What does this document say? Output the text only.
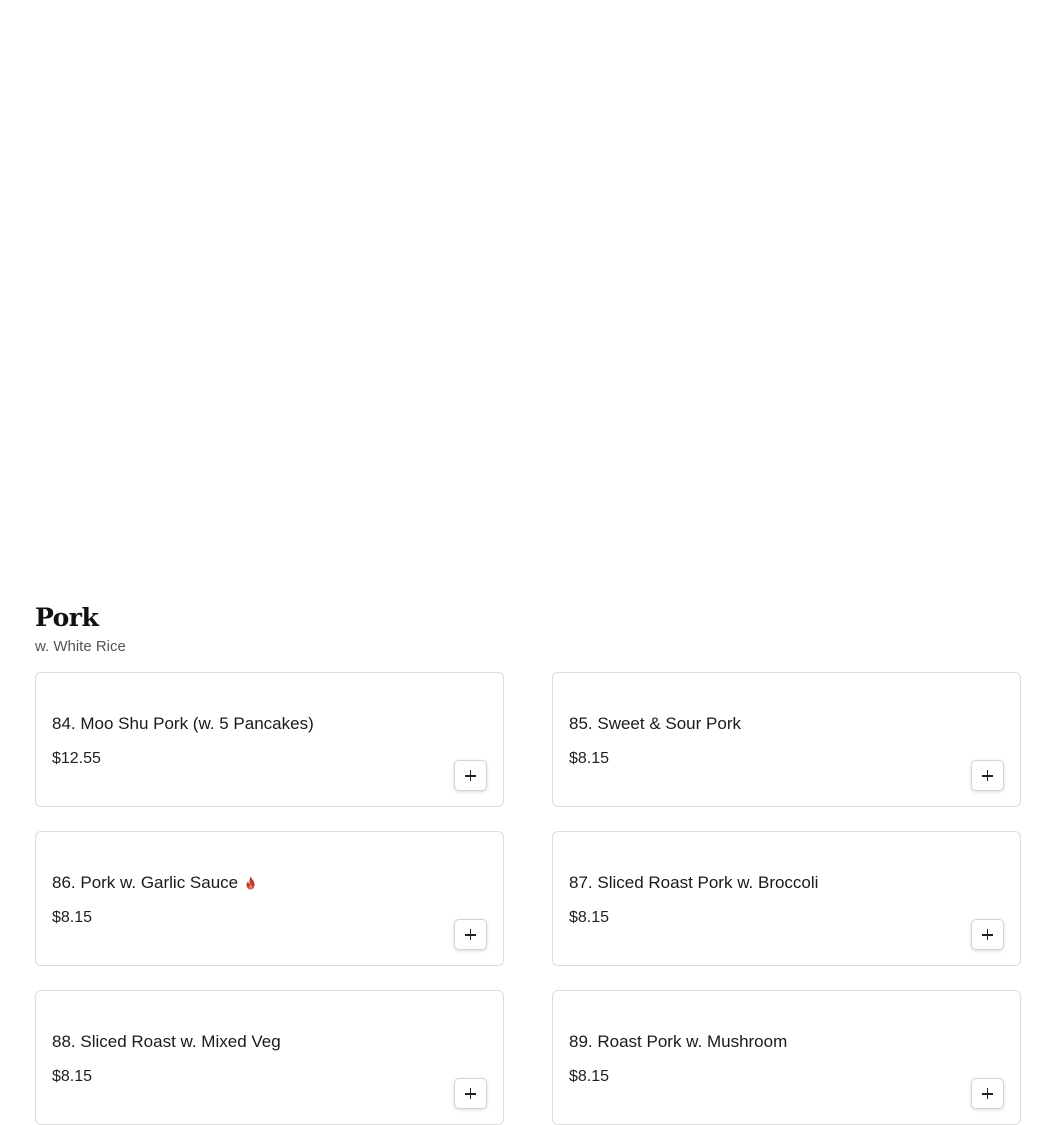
Pork
w. White Rice
84. Moo Shu Pork (w. 5 Pancakes)
$12.55
85. Sweet & Sour Pork
$8.15
86. Pork w. Garlic Sauce
$8.15
87. Sliced Roast Pork w. Broccoli
$8.15
88. Sliced Roast w. Mixed Veg
$8.15
89. Roast Pork w. Mushroom
$8.15
